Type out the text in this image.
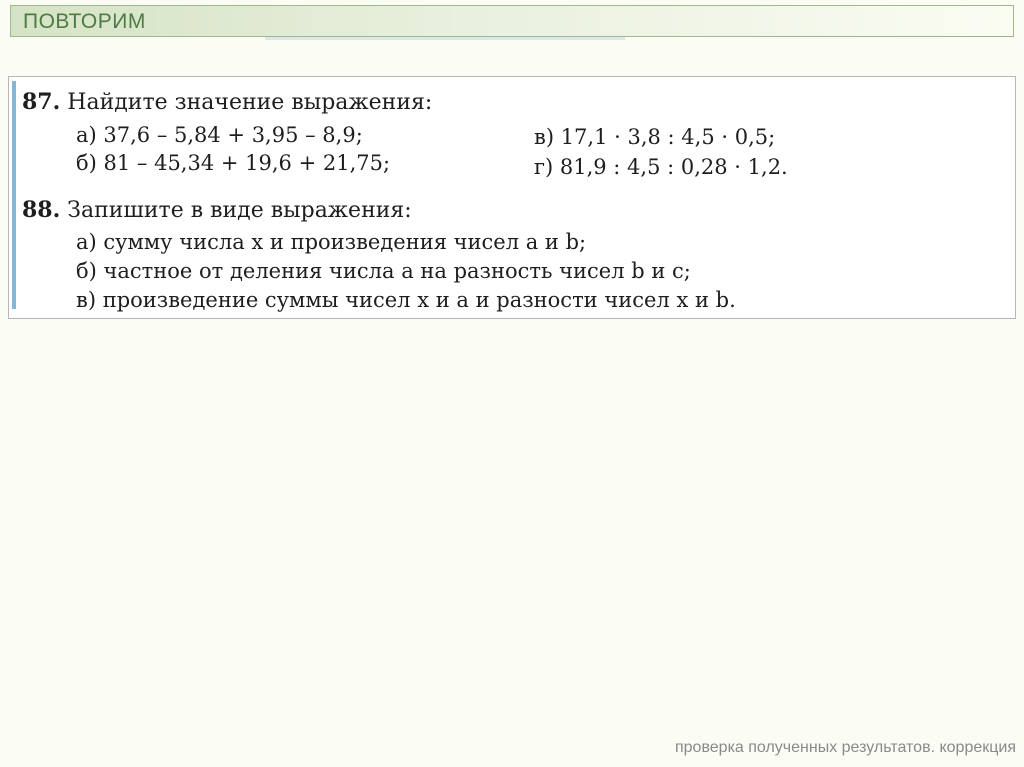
ПОВТОРИМ
87. Найдите значение выражения:
а) 37,6 – 5,84 + 3,95 – 8,9;
б) 81 – 45,34 + 19,6 + 21,75;
в) 17,1 · 3,8 : 4,5 · 0,5;
г) 81,9 : 4,5 : 0,28 · 1,2.
88. Запишите в виде выражения:
а) сумму числа x и произведения чисел a и b;
б) частное от деления числа a на разность чисел b и c;
в) произведение суммы чисел x и a и разности чисел x и b.
проверка полученных результатов. коррекция
